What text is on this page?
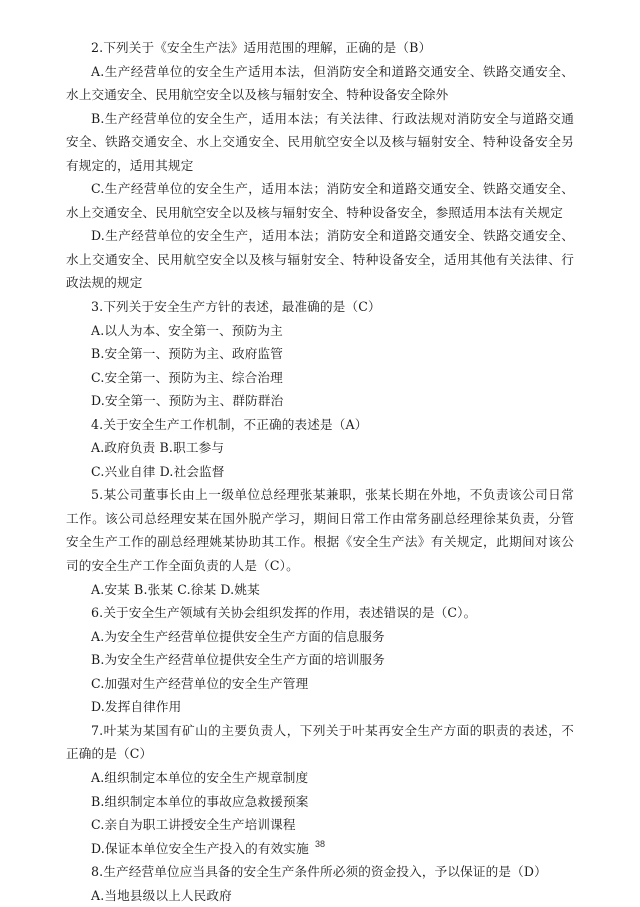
2.下列关于《安全生产法》适用范围的理解，正确的是（B）

A.生产经营单位的安全生产适用本法，但消防安全和道路交通安全、铁路交通安全、水上交通安全、民用航空安全以及核与辐射安全、特种设备安全除外

B.生产经营单位的安全生产，适用本法；有关法律、行政法规对消防安全与道路交通安全、铁路交通安全、水上交通安全、民用航空安全以及核与辐射安全、特种设备安全另有规定的，适用其规定

C.生产经营单位的安全生产，适用本法；消防安全和道路交通安全、铁路交通安全、水上交通安全、民用航空安全以及核与辐射安全、特种设备安全，参照适用本法有关规定

D.生产经营单位的安全生产，适用本法；消防安全和道路交通安全、铁路交通安全、水上交通安全、民用航空安全以及核与辐射安全、特种设备安全，适用其他有关法律、行政法规的规定

3.下列关于安全生产方针的表述，最准确的是（C）

A.以人为本、安全第一、预防为主

B.安全第一、预防为主、政府监管

C.安全第一、预防为主、综合治理

D.安全第一、预防为主、群防群治

4.关于安全生产工作机制，不正确的表述是（A）

A.政府负责 B.职工参与

C.兴业自律 D.社会监督

5.某公司董事长由上一级单位总经理张某兼职，张某长期在外地，不负责该公司日常工作。该公司总经理安某在国外脱产学习，期间日常工作由常务副总经理徐某负责，分管安全生产工作的副总经理姚某协助其工作。根据《安全生产法》有关规定，此期间对该公司的安全生产工作全面负责的人是（C）。

A.安某 B.张某 C.徐某 D.姚某

6.关于安全生产领域有关协会组织发挥的作用，表述错误的是（C）。

A.为安全生产经营单位提供安全生产方面的信息服务

B.为安全生产经营单位提供安全生产方面的培训服务

C.加强对生产经营单位的安全生产管理

D.发挥自律作用

7.叶某为某国有矿山的主要负责人，下列关于叶某再安全生产方面的职责的表述，不正确的是（C）

A.组织制定本单位的安全生产规章制度

B.组织制定本单位的事故应急救援预案

C.亲自为职工讲授安全生产培训课程

D.保证本单位安全生产投入的有效实施

8.生产经营单位应当具备的安全生产条件所必须的资金投入，予以保证的是（D）

A.当地县级以上人民政府

38
